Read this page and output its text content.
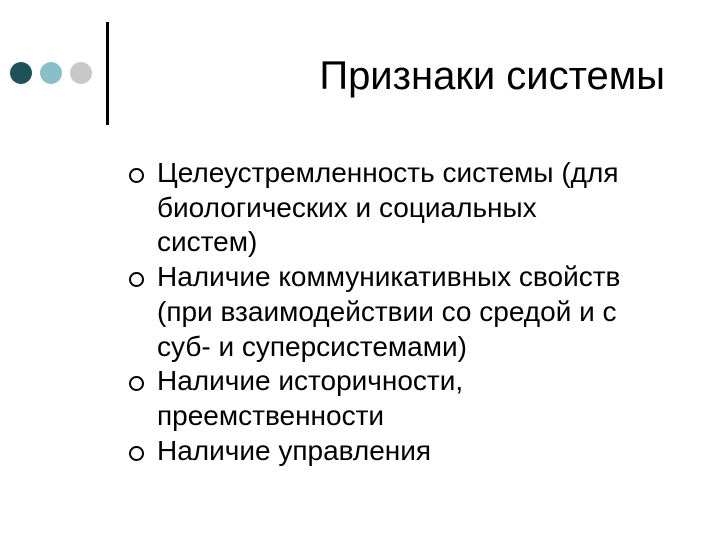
Признаки системы
Целеустремленность системы (для
биологических и социальных
систем)
Наличие коммуникативных свойств
(при взаимодействии со средой и с
суб- и суперсистемами)
Наличие историчности,
преемственности
Наличие управления
